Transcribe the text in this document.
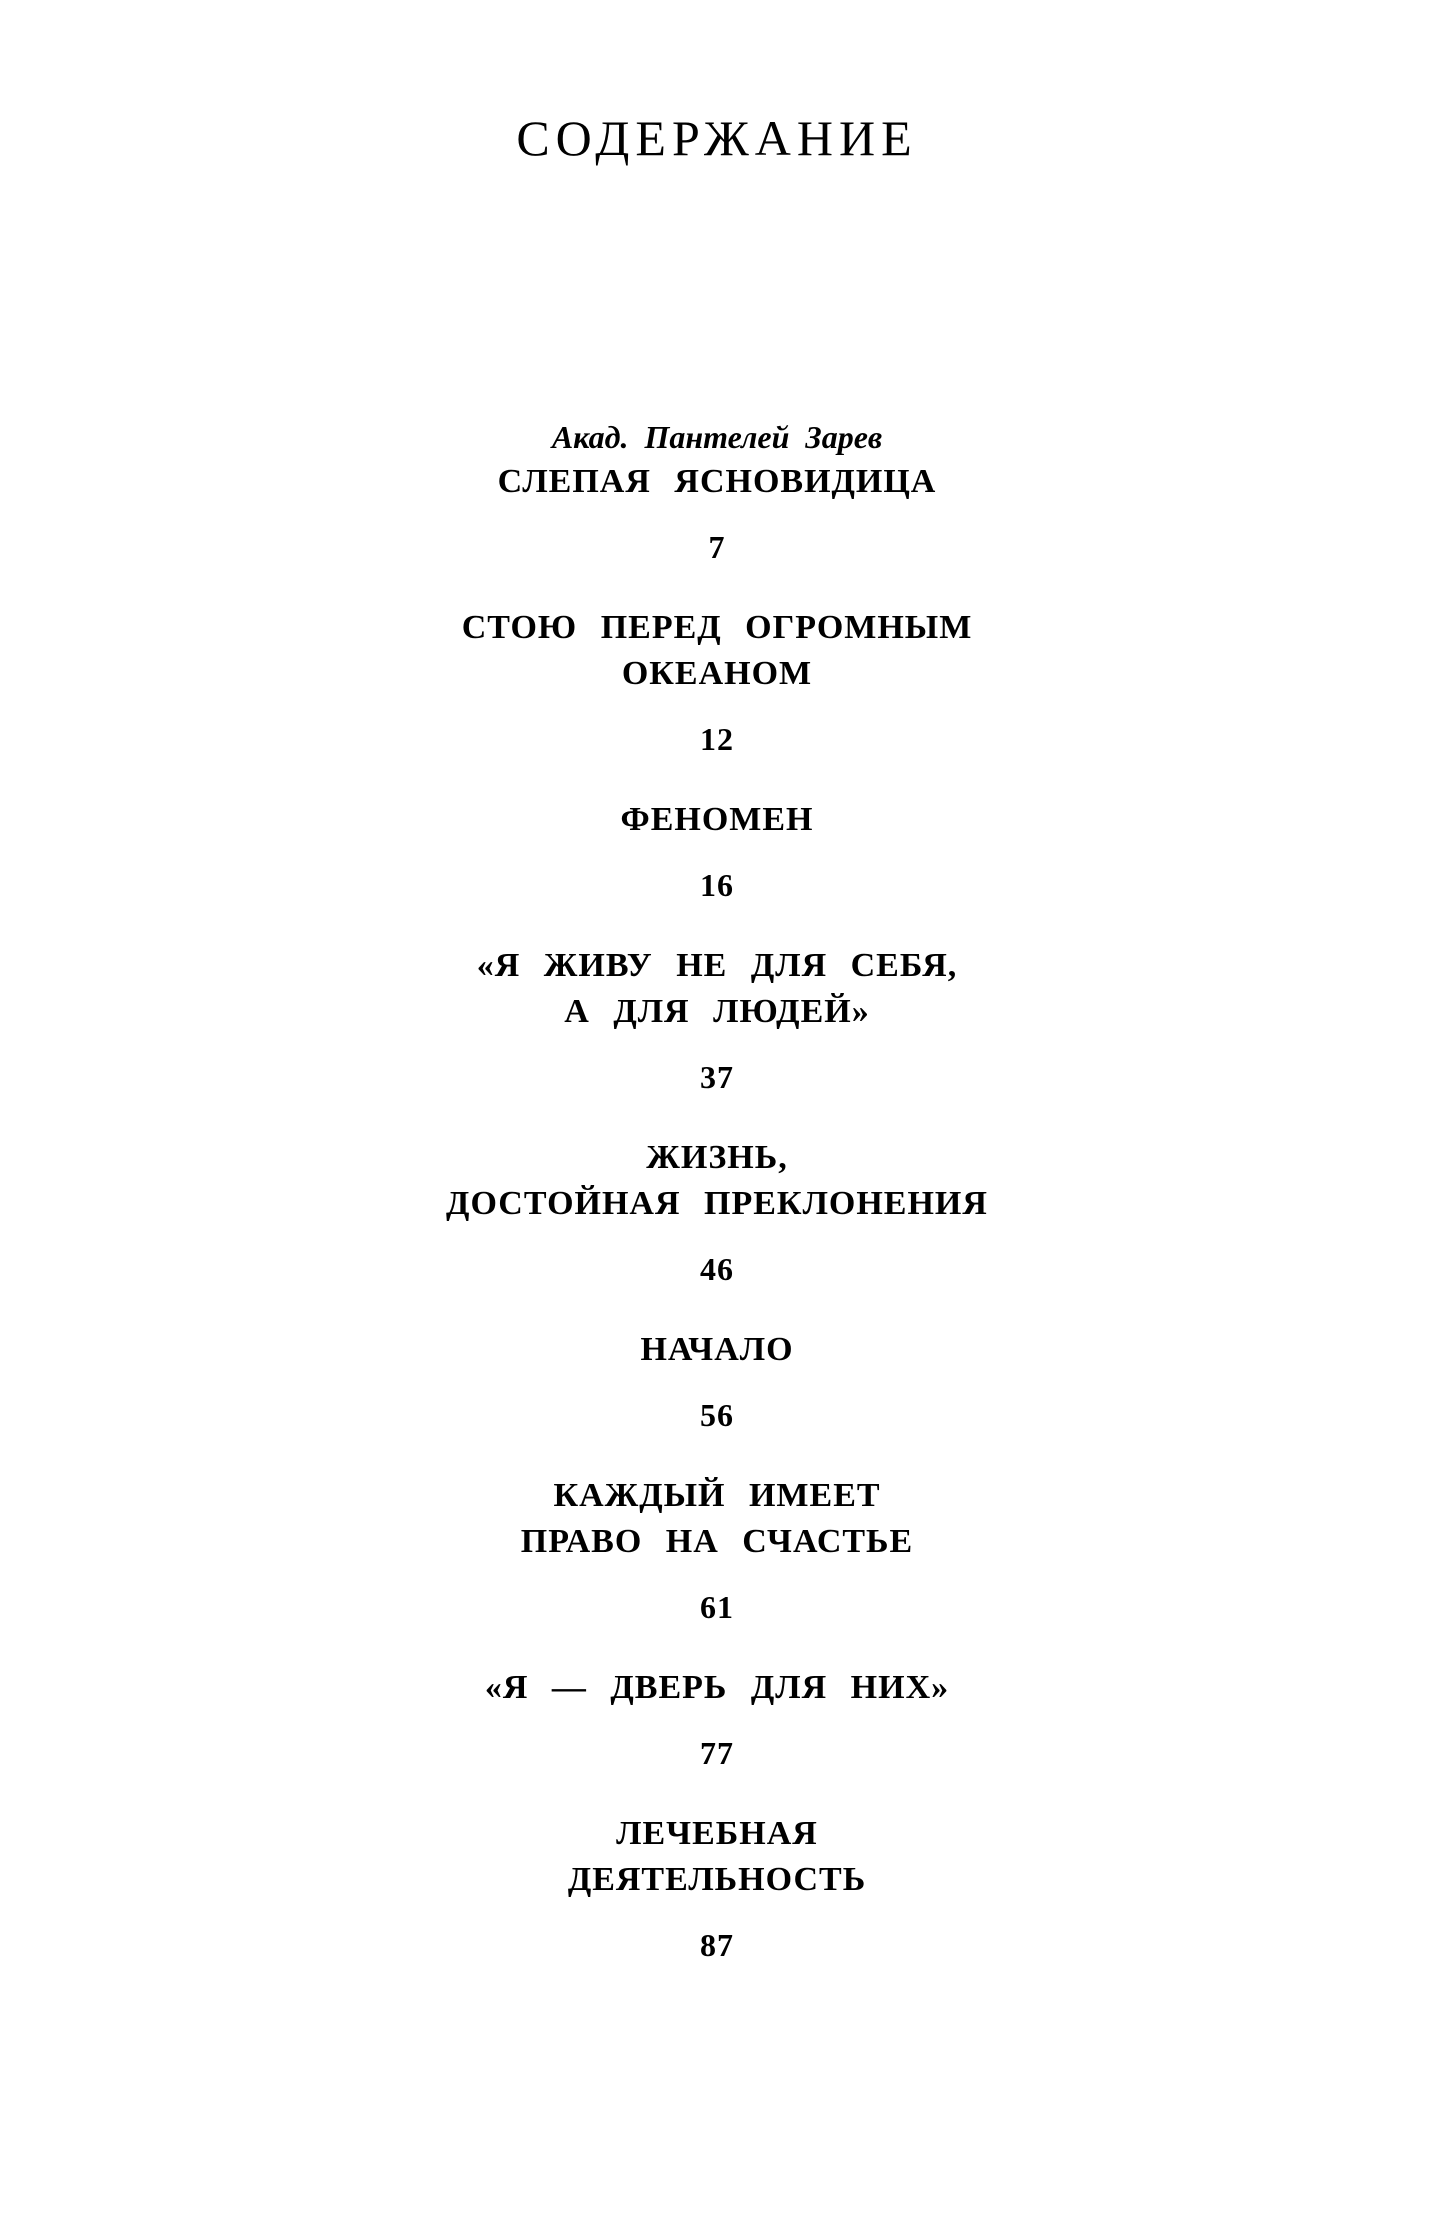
СОДЕРЖАНИЕ
Акад. Пантелей Зарев
СЛЕПАЯ ЯСНОВИДИЦА
7
СТОЮ ПЕРЕД ОГРОМНЫМ
ОКЕАНОМ
12
ФЕНОМЕН
16
«Я ЖИВУ НЕ ДЛЯ СЕБЯ,
А ДЛЯ ЛЮДЕЙ»
37
ЖИЗНЬ,
ДОСТОЙНАЯ ПРЕКЛОНЕНИЯ
46
НАЧАЛО
56
КАЖДЫЙ ИМЕЕТ
ПРАВО НА СЧАСТЬЕ
61
«Я — ДВЕРЬ ДЛЯ НИХ»
77
ЛЕЧЕБНАЯ
ДЕЯТЕЛЬНОСТЬ
87
